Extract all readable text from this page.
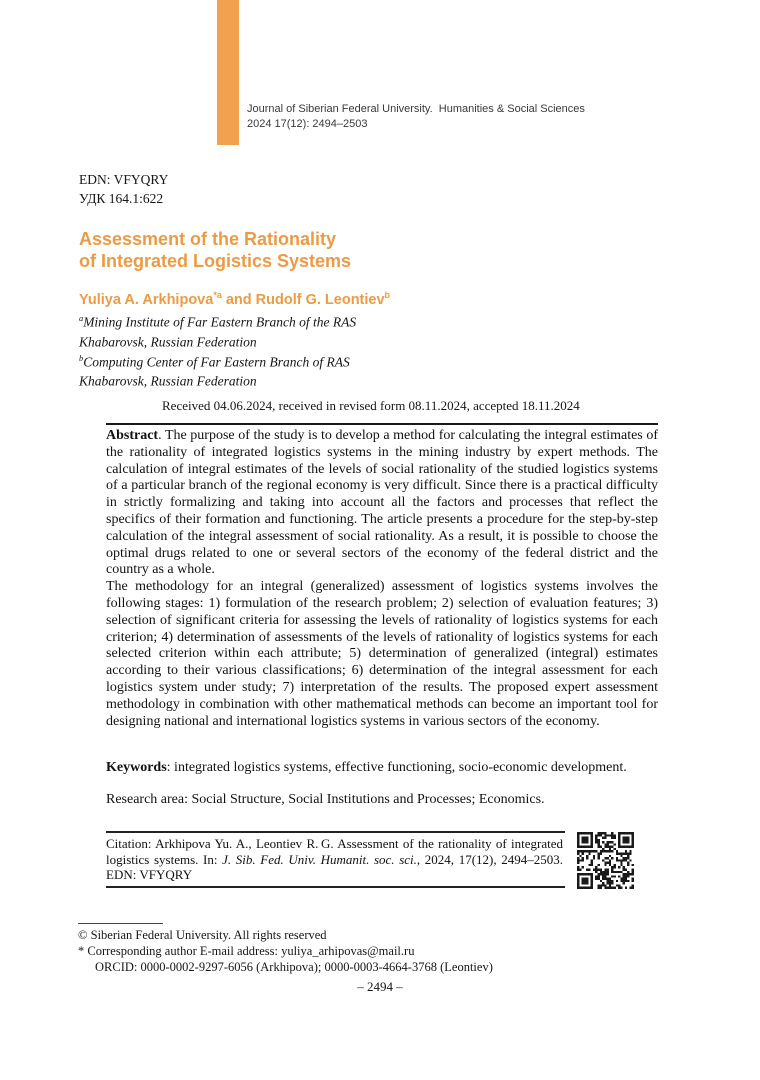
Journal of Siberian Federal University.  Humanities & Social Sciences
2024 17(12): 2494–2503
EDN: VFYQRY
УДК 164.1:622
Assessment of the Rationality
of Integrated Logistics Systems
Yuliya A. Arkhipova$^{*a}$ and Rudolf G. Leontiev$^b$
$^a$Mining Institute of Far Eastern Branch of the RAS
Khabarovsk, Russian Federation
$^b$Computing Center of Far Eastern Branch of RAS
Khabarovsk, Russian Federation
Received 04.06.2024, received in revised form 08.11.2024, accepted 18.11.2024

Abstract. The purpose of the study is to develop a method for calculating the integral estimates of the rationality of integrated logistics systems in the mining industry by expert methods. The calculation of integral estimates of the levels of social rationality of the studied logistics systems of a particular branch of the regional economy is very difficult. Since there is a practical difficulty in strictly formalizing and taking into account all the factors and processes that reflect the specifics of their formation and functioning. The article presents a procedure for the step-by-step calculation of the integral assessment of social rationality. As a result, it is possible to choose the optimal drugs related to one or several sectors of the economy of the federal district and the country as a whole.

The methodology for an integral (generalized) assessment of logistics systems involves the following stages: 1) formulation of the research problem; 2) selection of evaluation features; 3) selection of significant criteria for assessing the levels of rationality of logistics systems for each criterion; 4) determination of assessments of the levels of rationality of logistics systems for each selected criterion within each attribute; 5) determination of generalized (integral) estimates according to their various classifications; 6) determination of the integral assessment for each logistics system under study; 7) interpretation of the results. The proposed expert assessment methodology in combination with other mathematical methods can become an important tool for designing national and international logistics systems in various sectors of the economy.

Keywords: integrated logistics systems, effective functioning, socio-economic development.
Research area: Social Structure, Social Institutions and Processes; Economics.
Citation: Arkhipova Yu. A., Leontiev R. G. Assessment of the rationality of integrated logistics systems. In: J. Sib. Fed. Univ. Humanit. soc. sci., 2024, 17(12), 2494–2503. EDN: VFYQRY
© Siberian Federal University. All rights reserved
* Corresponding author E-mail address: yuliya_arhipovas@mail.ru
ORCID: 0000-0002-9297-6056 (Arkhipova); 0000-0003-4664-3768 (Leontiev)
– 2494 –
